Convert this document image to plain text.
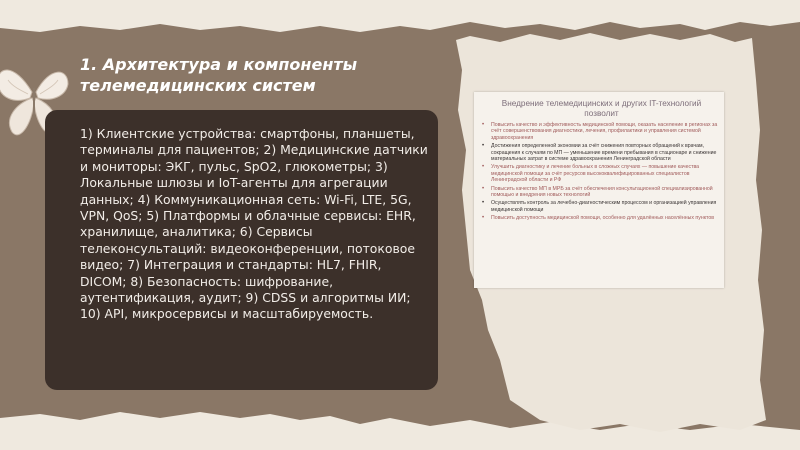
1. Архитектура и компоненты
телемедицинских систем

1) Клиентские устройства: смартфоны, планшеты, терминалы для пациентов; 2) Медицинские датчики и мониторы: ЭКГ, пульс, SpO2, глюкометры; 3) Локальные шлюзы и IoT-агенты для агрегации данных; 4) Коммуникационная сеть: Wi-Fi, LTE, 5G, VPN, QoS; 5) Платформы и облачные сервисы: EHR, хранилище, аналитика; 6) Сервисы телеконсультаций: видеоконференции, потоковое видео; 7) Интеграция и стандарты: HL7, FHIR, DICOM; 8) Безопасность: шифрование, аутентификация, аудит; 9) CDSS и алгоритмы ИИ; 10) API, микросервисы и масштабируемость.

Внедрение телемедицинских и других IT-технологий позволит
• Повысить качество и эффективность медицинской помощи, оказать население в регионах за счёт совершенствования диагностики, лечения, профилактики и управления системой здравоохранения
• Достижения определенной экономии за счёт снижения повторных обращений к врачам, сокращения к случаям по МП — уменьшение времени пребывания в стационаре и снижение материальных затрат в системе здравоохранения Ленинградской области
• Улучшить диагностику и лечение больных в сложных случаях — повышение качества медицинской помощи за счёт ресурсов высококвалифицированных специалистов Ленинградской области и РФ
• Повысить качество МП в МРБ за счёт обеспечения консультационной специализированной помощью и внедрения новых технологий
• Осуществлять контроль за лечебно-диагностическим процессом и организацией управления медицинской помощи
• Повысить доступность медицинской помощи, особенно для удалённых населённых пунктов
